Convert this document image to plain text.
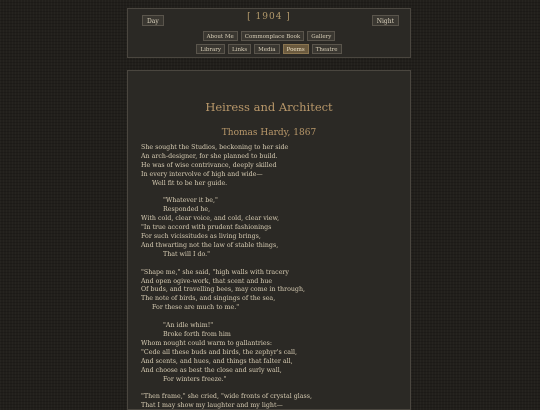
Day	[ 1904 ]	Night
About Me Commonplace Book Gallery
Library Links Media Poems Theatre
Heiress and Architect
Thomas Hardy, 1867
She sought the Studios, beckoning to her side
An arch-designer, for she planned to build.
He was of wise contrivance, deeply skilled
In every intervolve of high and wide—
Well fit to be her guide.
"Whatever it be,"
Responded he,
With cold, clear voice, and cold, clear view,
"In true accord with prudent fashionings
For such vicissitudes as living brings,
And thwarting not the law of stable things,
That will I do."
"Shape me," she said, "high walls with tracery
And open ogive-work, that scent and hue
Of buds, and travelling bees, may come in through,
The note of birds, and singings of the sea,
For these are much to me."
"An idle whim!"
Broke forth from him
Whom nought could warm to gallantries:
"Cede all these buds and birds, the zephyr's call,
And scents, and hues, and things that falter all,
And choose as best the close and surly wall,
For winters freeze."
"Then frame," she cried, "wide fronts of crystal glass,
That I may show my laughter and my light—
